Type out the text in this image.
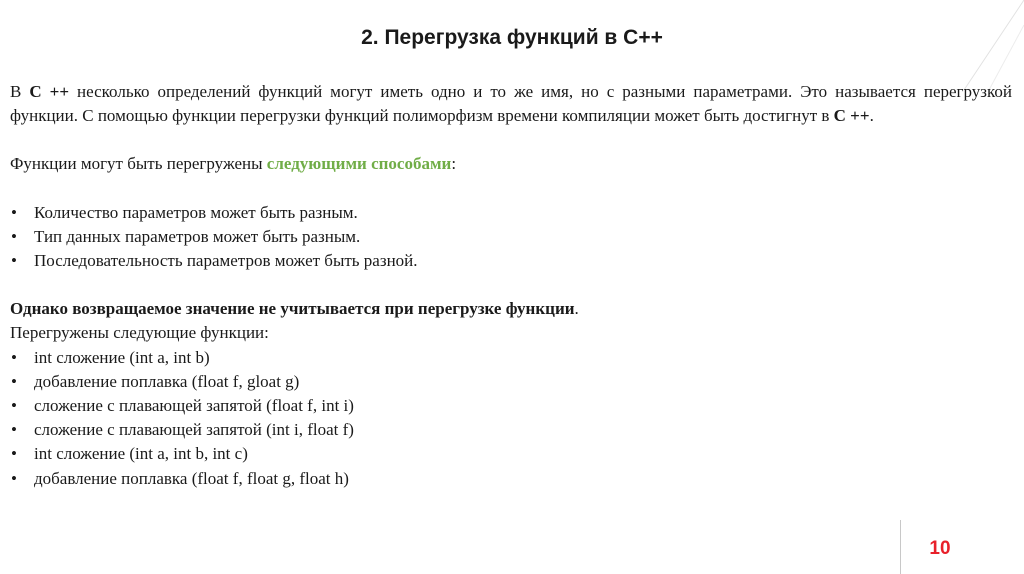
2. Перегрузка функций в C++

В C ++ несколько определений функций могут иметь одно и то же имя, но с разными параметрами. Это называется перегрузкой функции. С помощью функции перегрузки функций полиморфизм времени компиляции может быть достигнут в C ++.

Функции могут быть перегружены следующими способами:

• Количество параметров может быть разным.
• Тип данных параметров может быть разным.
• Последовательность параметров может быть разной.

Однако возвращаемое значение не учитывается при перегрузке функции.

Перегружены следующие функции:

• int сложение (int a, int b)
• добавление поплавка (float f, gloat g)
• сложение с плавающей запятой (float f, int i)
• сложение с плавающей запятой (int i, float f)
• int сложение (int a, int b, int c)
• добавление поплавка (float f, float g, float h)
10
